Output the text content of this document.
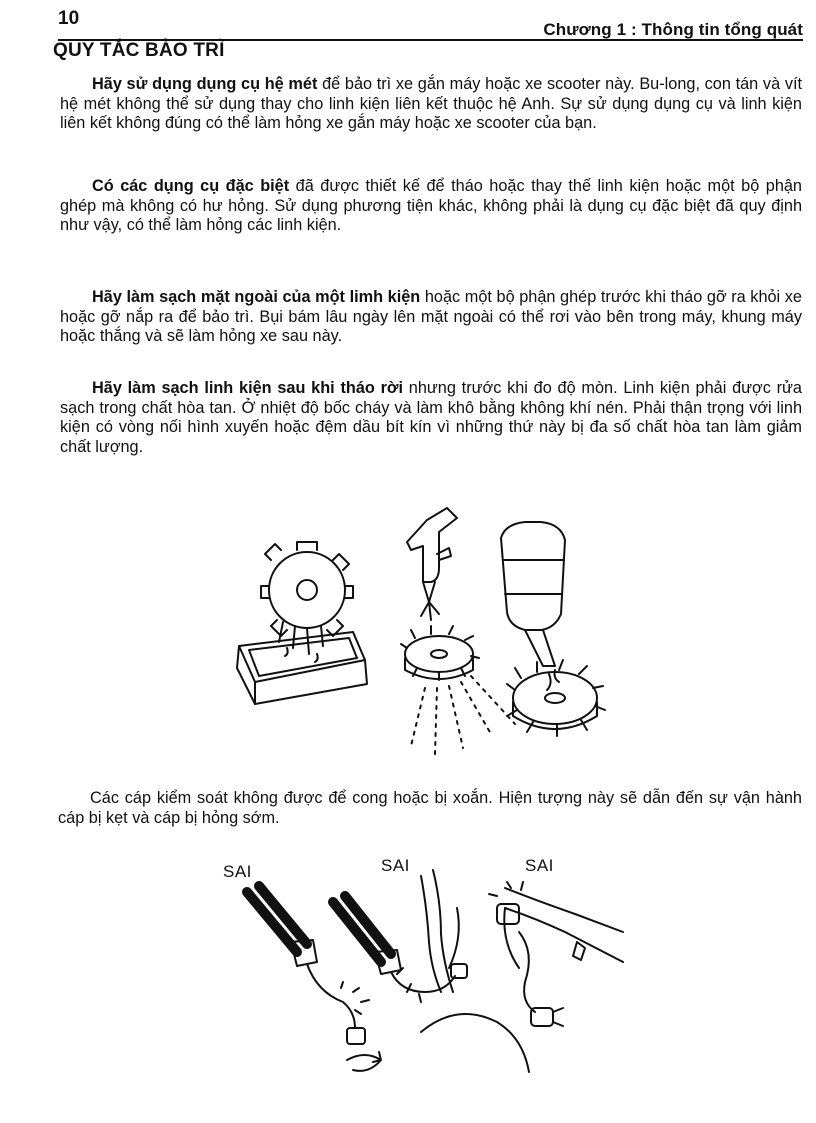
10
Chương 1 : Thông tin tổng quát
QUY TẮC BẢO TRÌ

Hãy sử dụng dụng cụ hệ mét để bảo trì xe gắn máy hoặc xe scooter này. Bu-long, con tán và vít hệ mét không thể sử dụng thay cho linh kiện liên kết thuộc hệ Anh. Sự sử dụng dụng cụ và linh kiện liên kết không đúng có thể làm hỏng xe gắn máy hoặc xe scooter của bạn.

Có các dụng cụ đặc biệt đã được thiết kế để tháo hoặc thay thế linh kiện hoặc một bộ phận ghép mà không có hư hỏng. Sử dụng phương tiện khác, không phải là dụng cụ đặc biệt đã quy định như vậy, có thể làm hỏng các linh kiện.

Hãy làm sạch mặt ngoài của một limh kiện hoặc một bộ phận ghép trước khi tháo gỡ ra khỏi xe hoặc gỡ nắp ra để bảo trì. Bụi bám lâu ngày lên mặt ngoài có thể rơi vào bên trong máy, khung máy hoặc thắng và sẽ làm hỏng xe sau này.

Hãy làm sạch linh kiện sau khi tháo rời nhưng trước khi đo độ mòn. Linh kiện phải được rửa sạch trong chất hòa tan. Ở nhiệt độ bốc cháy và làm khô bằng không khí nén. Phải thận trọng với linh kiện có vòng nối hình xuyến hoặc đệm dầu bít kín vì những thứ này bị đa số chất hòa tan làm giảm chất lượng.

Các cáp kiểm soát không được để cong hoặc bị xoắn. Hiện tượng này sẽ dẫn đến sự vận hành cáp bị kẹt và cáp bị hỏng sớm.

SAI	SAI	SAI
